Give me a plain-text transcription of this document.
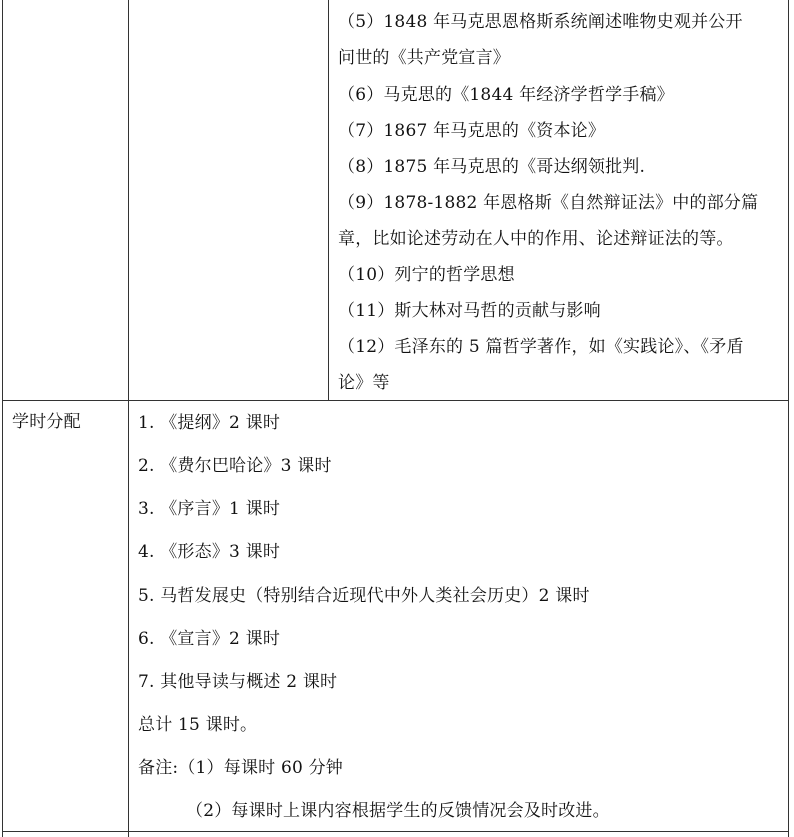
（5）1848 年马克思恩格斯系统阐述唯物史观并公开

问世的《共产党宣言》

（6）马克思的《1844 年经济学哲学手稿》

（7）1867 年马克思的《资本论》

（8）1875 年马克思的《哥达纲领批判.

（9）1878-1882 年恩格斯《自然辩证法》中的部分篇

章，比如论述劳动在人中的作用、论述辩证法的等。

（10）列宁的哲学思想

（11）斯大林对马哲的贡献与影响

（12）毛泽东的 5 篇哲学著作，如《实践论》、《矛盾

论》等

学时分配	1. 《提纲》2 课时

2. 《费尔巴哈论》3 课时

3. 《序言》1 课时

4. 《形态》3 课时

5. 马哲发展史（特别结合近现代中外人类社会历史）2 课时

6. 《宣言》2 课时

7. 其他导读与概述 2 课时

总计 15 课时。

备注:（1）每课时 60 分钟

（2）每课时上课内容根据学生的反馈情况会及时改进。
